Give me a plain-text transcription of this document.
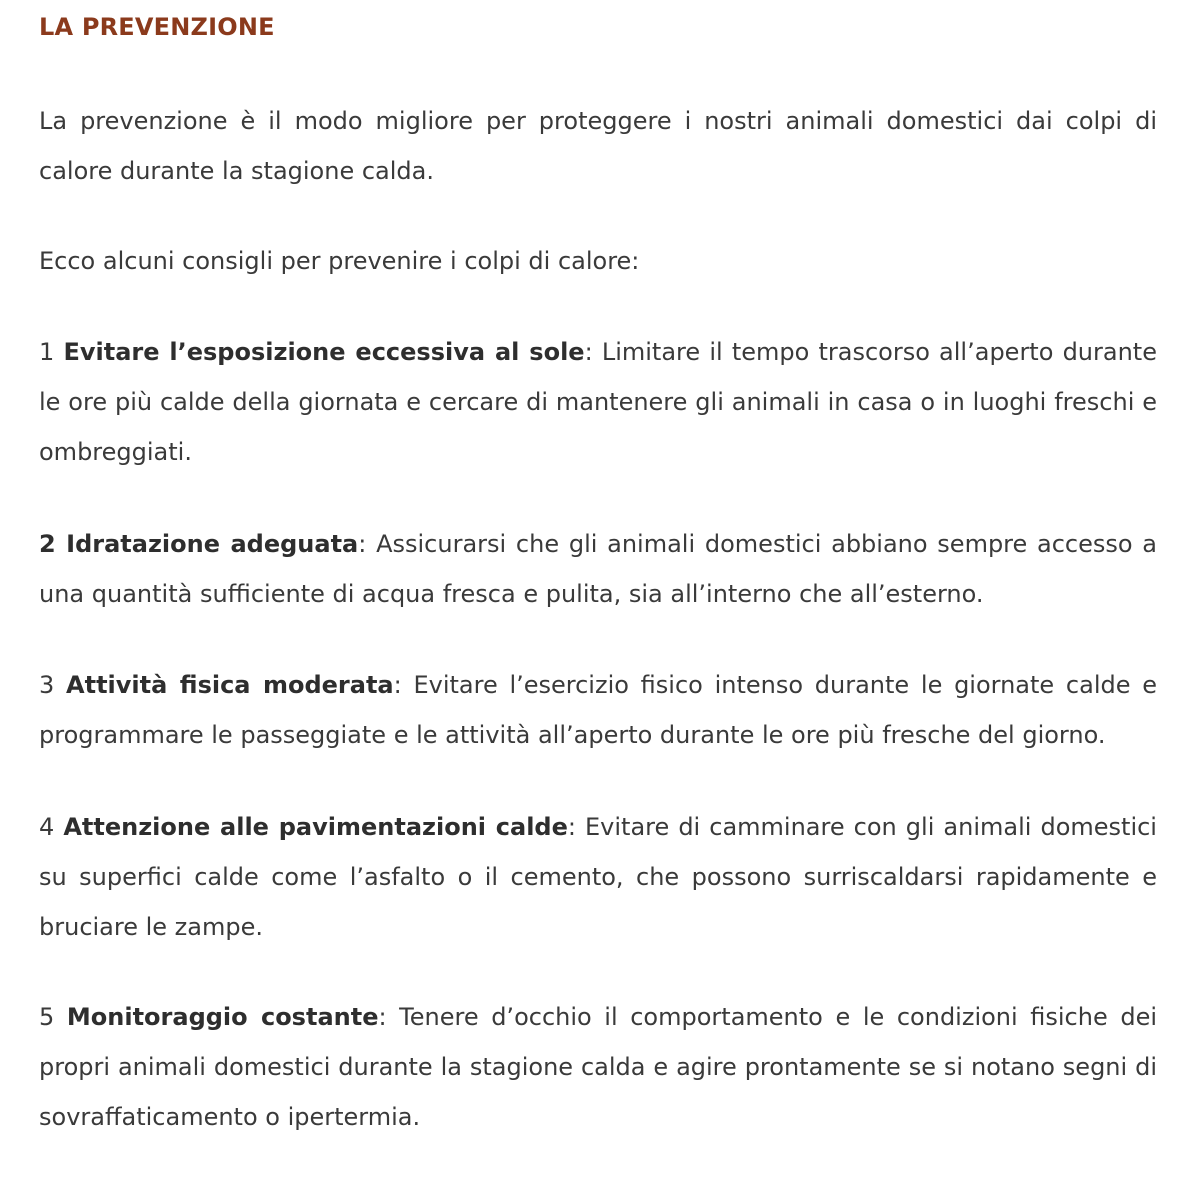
LA PREVENZIONE

La prevenzione è il modo migliore per proteggere i nostri animali domestici dai colpi di calore durante la stagione calda.

Ecco alcuni consigli per prevenire i colpi di calore:

1 Evitare l’esposizione eccessiva al sole: Limitare il tempo trascorso all’aperto durante le ore più calde della giornata e cercare di mantenere gli animali in casa o in luoghi freschi e ombreggiati.

2 Idratazione adeguata: Assicurarsi che gli animali domestici abbiano sempre accesso a una quantità sufficiente di acqua fresca e pulita, sia all’interno che all’esterno.

3 Attività fisica moderata: Evitare l’esercizio fisico intenso durante le giornate calde e programmare le passeggiate e le attività all’aperto durante le ore più fresche del giorno.

4 Attenzione alle pavimentazioni calde: Evitare di camminare con gli animali domestici su superfici calde come l’asfalto o il cemento, che possono surriscaldarsi rapidamente e bruciare le zampe.

5 Monitoraggio costante: Tenere d’occhio il comportamento e le condizioni fisiche dei propri animali domestici durante la stagione calda e agire prontamente se si notano segni di sovraffaticamento o ipertermia.
